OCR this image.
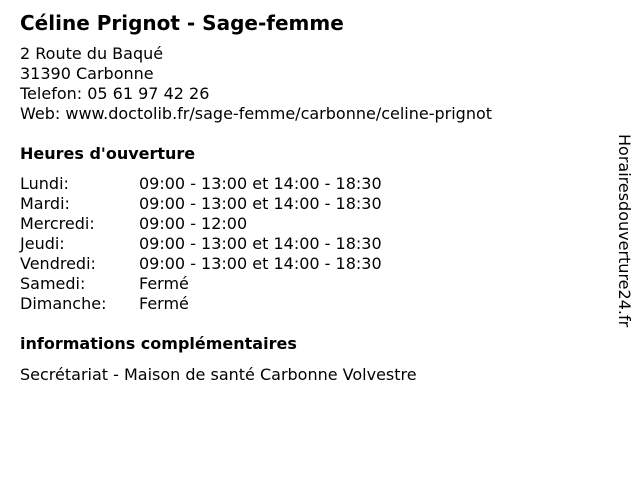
Céline Prignot - Sage-femme
2 Route du Baqué
31390 Carbonne
Telefon: 05 61 97 42 26
Web: www.doctolib.fr/sage-femme/carbonne/celine-prignot
Heures d'ouverture
Lundi:	09:00 - 13:00 et 14:00 - 18:30
Mardi:	09:00 - 13:00 et 14:00 - 18:30
Mercredi:	09:00 - 12:00
Jeudi:	09:00 - 13:00 et 14:00 - 18:30
Vendredi:	09:00 - 13:00 et 14:00 - 18:30
Samedi:	Fermé
Dimanche:	Fermé
informations complémentaires
Secrétariat - Maison de santé Carbonne Volvestre
Horairesdouverture24.fr
